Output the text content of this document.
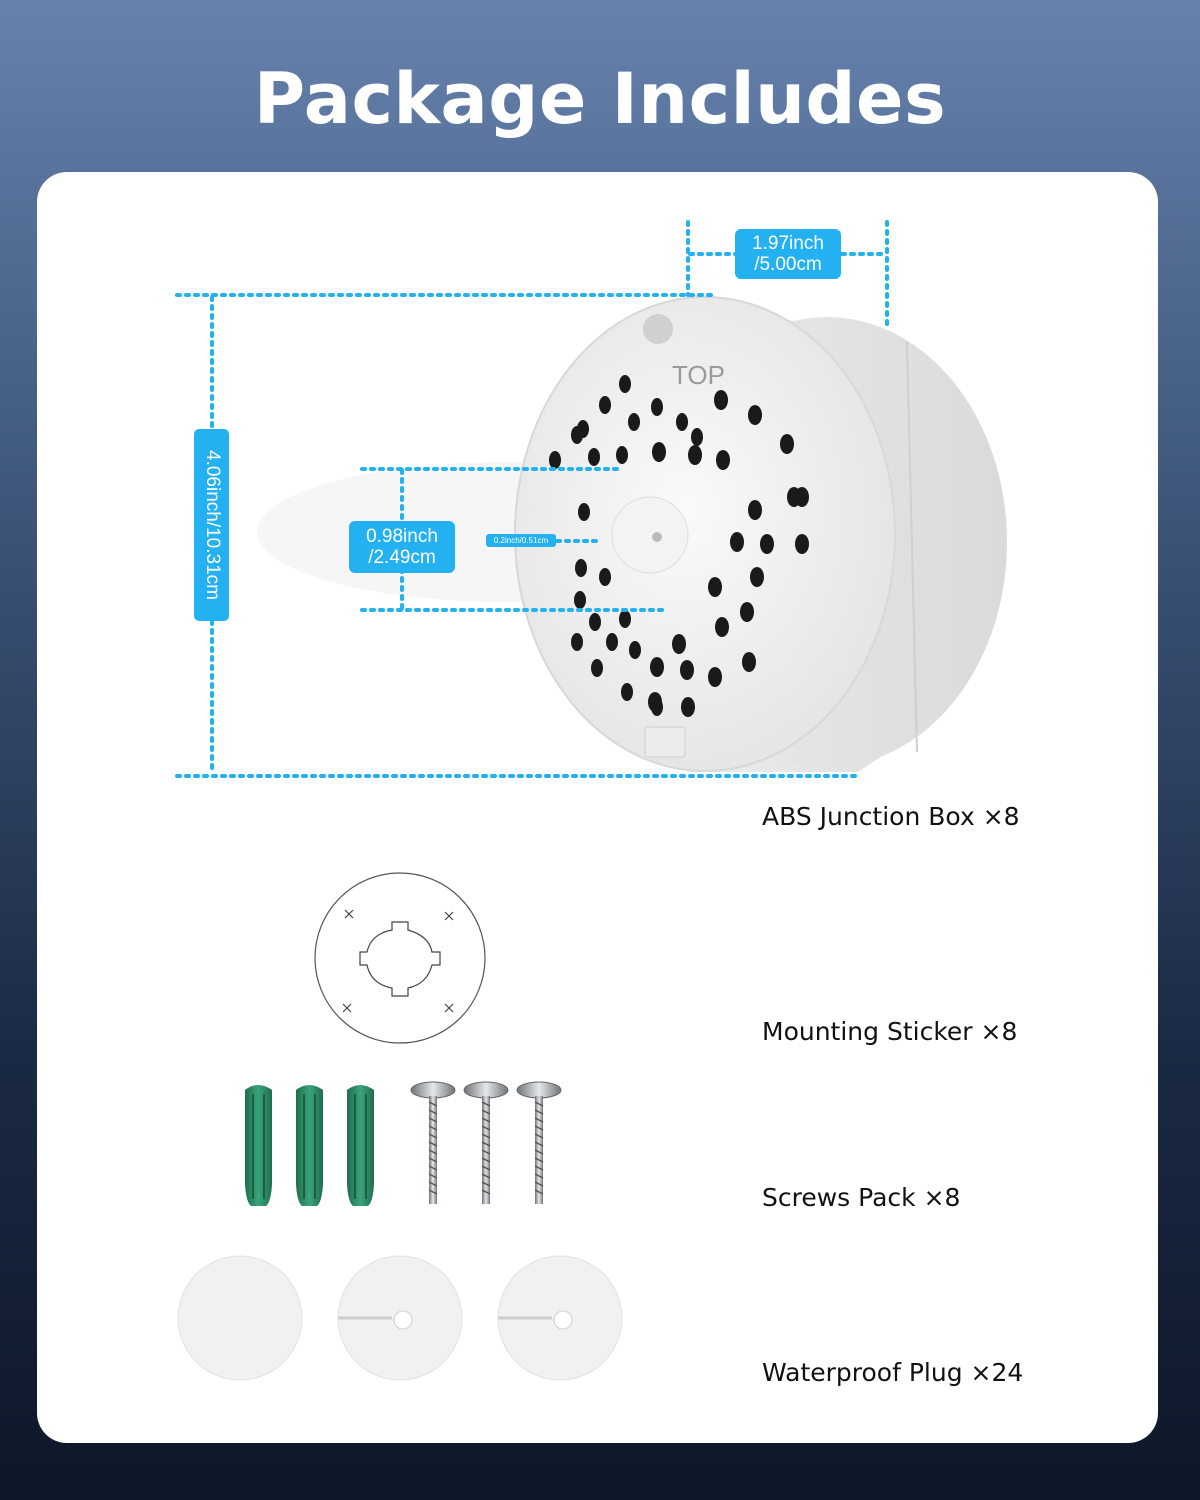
Package Includes
TOP
1.97inch
/5.00cm
4.06inch/10.31cm	0.98inch
/2.49cm
0.2inch/0.51cm
ABS Junction Box ×8
Mounting Sticker ×8
Screws Pack ×8
Waterproof Plug ×24
